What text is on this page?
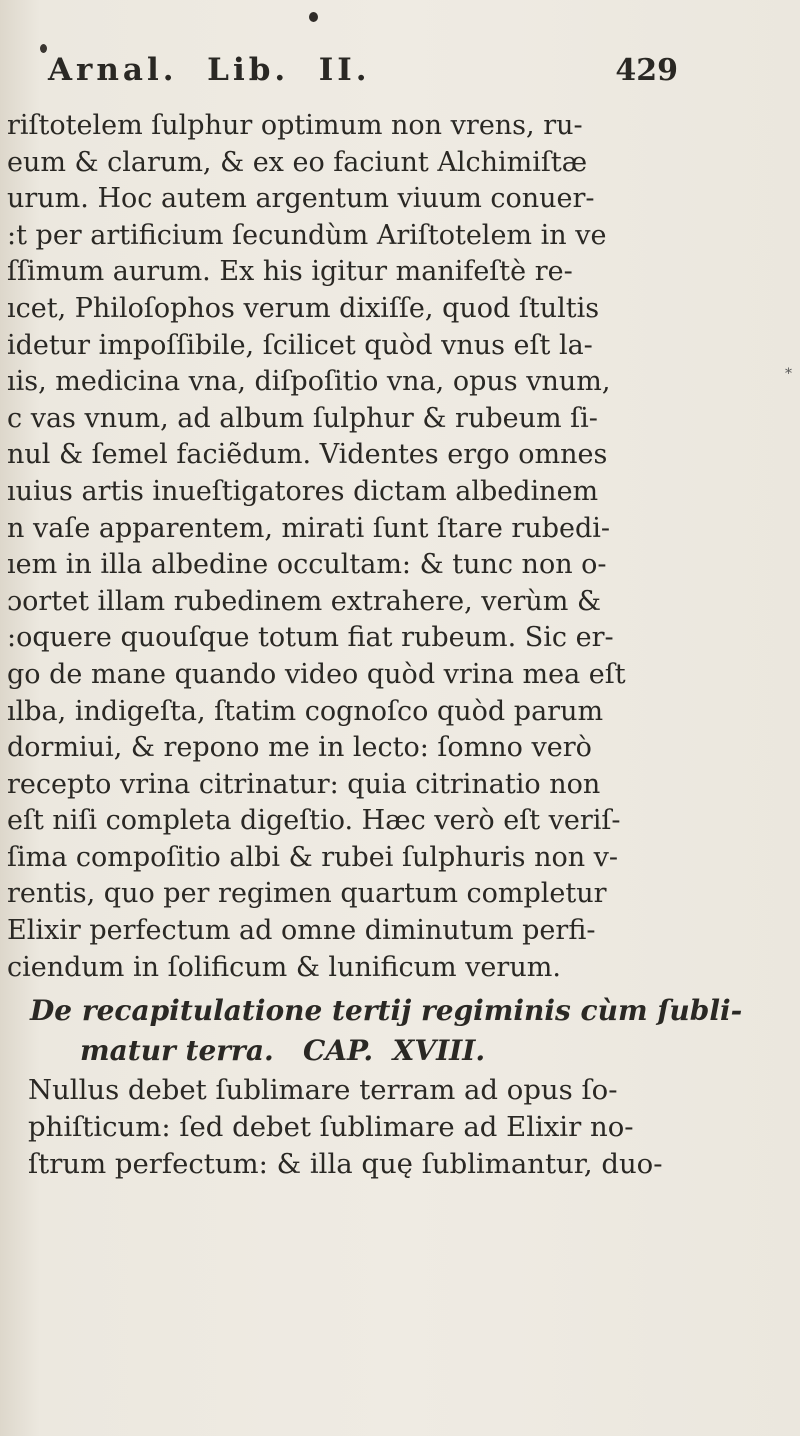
Arnal.  Lib.  II.	429
*
riſtotelem ſulphur optimum non vrens, ru-
eum & clarum, & ex eo faciunt Alchimiſtæ
urum. Hoc autem argentum viuum conuer-
:t per artificium ſecundùm Ariſtotelem in ve
ſſimum aurum. Ex his igitur manifeſtè re-
ıcet, Philoſophos verum dixiſſe, quod ſtultis
idetur impoſſibile, ſcilicet quòd vnus eſt la-
ıis, medicina vna, diſpoſitio vna, opus vnum,
c vas vnum, ad album ſulphur & rubeum ſi-
nul & ſemel faciẽdum. Videntes ergo omnes
ıuius artis inueſtigatores dictam albedinem
n vaſe apparentem, mirati ſunt ſtare rubedi-
ıem in illa albedine occultam: & tunc non o-
ɔortet illam rubedinem extrahere, verùm &
:oquere quouſque totum fiat rubeum. Sic er-
go de mane quando video quòd vrina mea eſt
ılba, indigeſta, ſtatim cognoſco quòd parum
dormiui, & repono me in lecto: ſomno verò
recepto vrina citrinatur: quia citrinatio non
eſt niſi completa digeſtio. Hæc verò eſt veriſ-
ſima compoſitio albi & rubei ſulphuris non v-
rentis, quo per regimen quartum completur
Elixir perfectum ad omne diminutum perfi-
ciendum in ſolificum & lunificum verum.
De recapitulatione tertij regiminis cùm ſubli-
matur terra.   CAP.  XVIII.
Nullus debet ſublimare terram ad opus ſo-
phiſticum: ſed debet ſublimare ad Elixir no-
ſtrum perfectum: & illa quę ſublimantur, duo-
